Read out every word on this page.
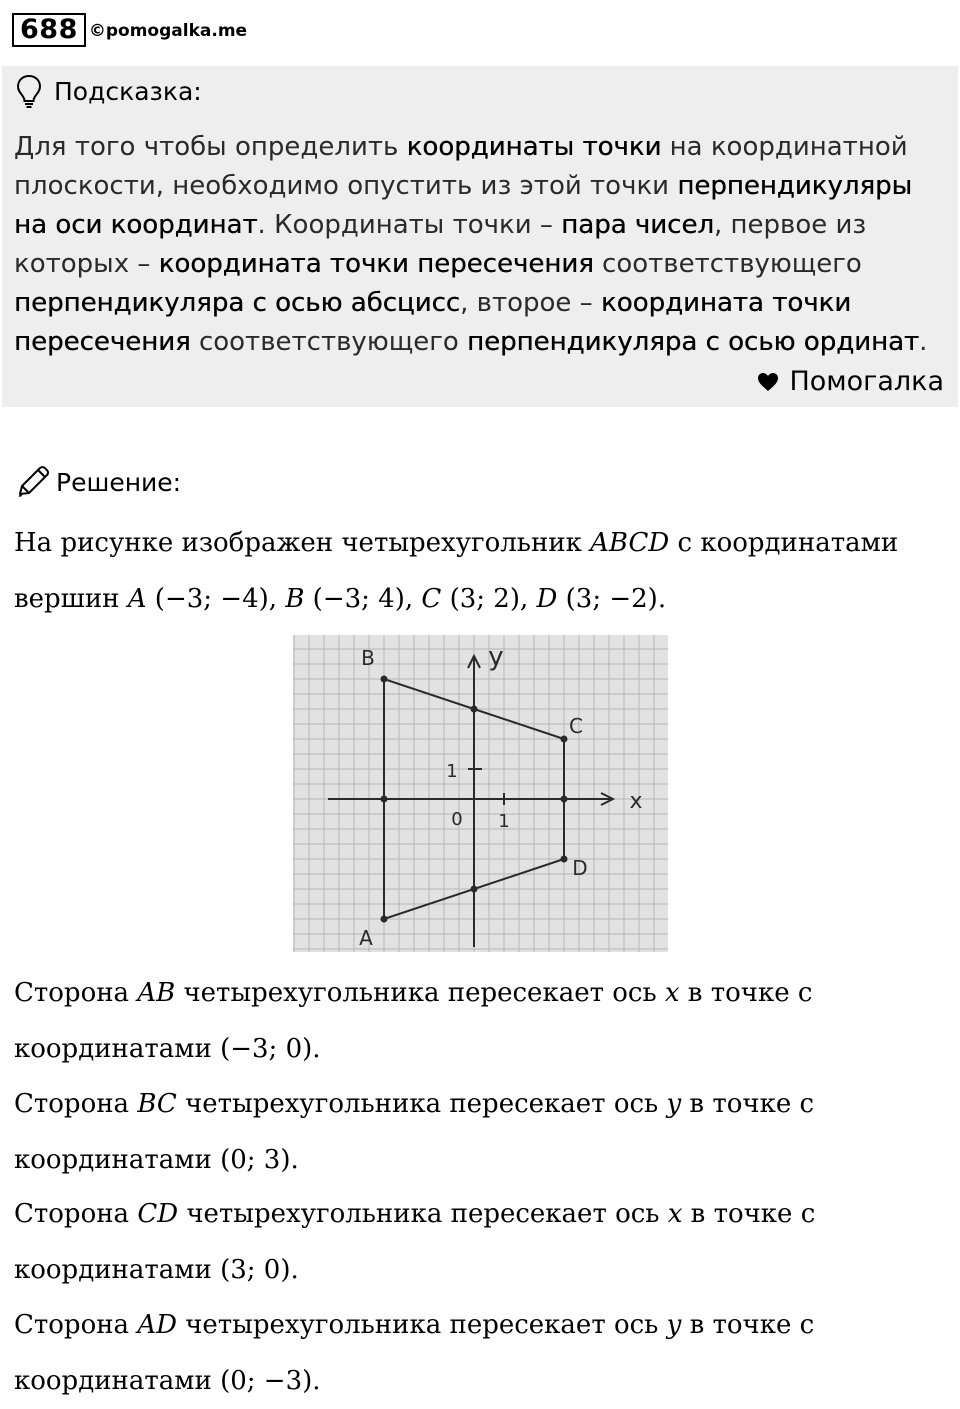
688 ©pomogalka.me
Подсказка:
Для того чтобы определить координаты точки на координатной плоскости, необходимо опустить из этой точки перпендикуляры на оси координат. Координаты точки – пара чисел, первое из которых – координата точки пересечения соответствующего перпендикуляра с осью абсцисс, второе – координата точки пересечения соответствующего перпендикуляра с осью ординат.
Помогалка
Решение:
На рисунке изображен четырехугольник ABCD с координатами вершин A (−3; −4), B (−3; 4), C (3; 2), D (3; −2).
A
B
C
D
x
y
0 1
1
Сторона AB четырехугольника пересекает ось x в точке с координатами (−3; 0).
Сторона BC четырехугольника пересекает ось y в точке с координатами (0; 3).
Сторона CD четырехугольника пересекает ось x в точке с координатами (3; 0).
Сторона AD четырехугольника пересекает ось y в точке с координатами (0; −3).
